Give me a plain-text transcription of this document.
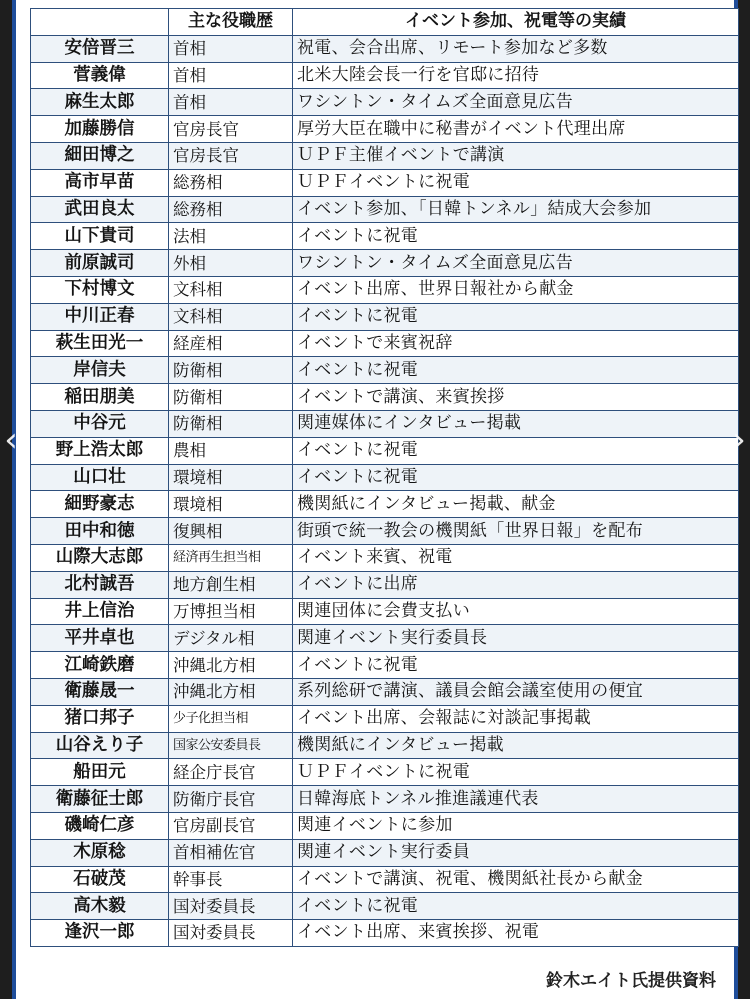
	主な役職歴	イベント参加、祝電等の実績
安倍晋三	首相	祝電、会合出席、リモート参加など多数
菅義偉	首相	北米大陸会長一行を官邸に招待
麻生太郎	首相	ワシントン・タイムズ全面意見広告
加藤勝信	官房長官	厚労大臣在職中に秘書がイベント代理出席
細田博之	官房長官	ＵＰＦ主催イベントで講演
高市早苗	総務相	ＵＰＦイベントに祝電
武田良太	総務相	イベント参加、「日韓トンネル」結成大会参加
山下貴司	法相	イベントに祝電
前原誠司	外相	ワシントン・タイムズ全面意見広告
下村博文	文科相	イベント出席、世界日報社から献金
中川正春	文科相	イベントに祝電
萩生田光一	経産相	イベントで来賓祝辞
岸信夫	防衛相	イベントに祝電
稲田朋美	防衛相	イベントで講演、来賓挨拶
中谷元	防衛相	関連媒体にインタビュー掲載
野上浩太郎	農相	イベントに祝電
山口壮	環境相	イベントに祝電
細野豪志	環境相	機関紙にインタビュー掲載、献金
田中和徳	復興相	街頭で統一教会の機関紙「世界日報」を配布
山際大志郎	経済再生担当相	イベント来賓、祝電
北村誠吾	地方創生相	イベントに出席
井上信治	万博担当相	関連団体に会費支払い
平井卓也	デジタル相	関連イベント実行委員長
江崎鉄磨	沖縄北方相	イベントに祝電
衛藤晟一	沖縄北方相	系列総研で講演、議員会館会議室使用の便宜
猪口邦子	少子化担当相	イベント出席、会報誌に対談記事掲載
山谷えり子	国家公安委員長	機関紙にインタビュー掲載
船田元	経企庁長官	ＵＰＦイベントに祝電
衛藤征士郎	防衛庁長官	日韓海底トンネル推進議連代表
磯崎仁彦	官房副長官	関連イベントに参加
木原稔	首相補佐官	関連イベント実行委員
石破茂	幹事長	イベントで講演、祝電、機関紙社長から献金
高木毅	国対委員長	イベントに祝電
逢沢一郎	国対委員長	イベント出席、来賓挨拶、祝電
鈴木エイト氏提供資料
‹	›
